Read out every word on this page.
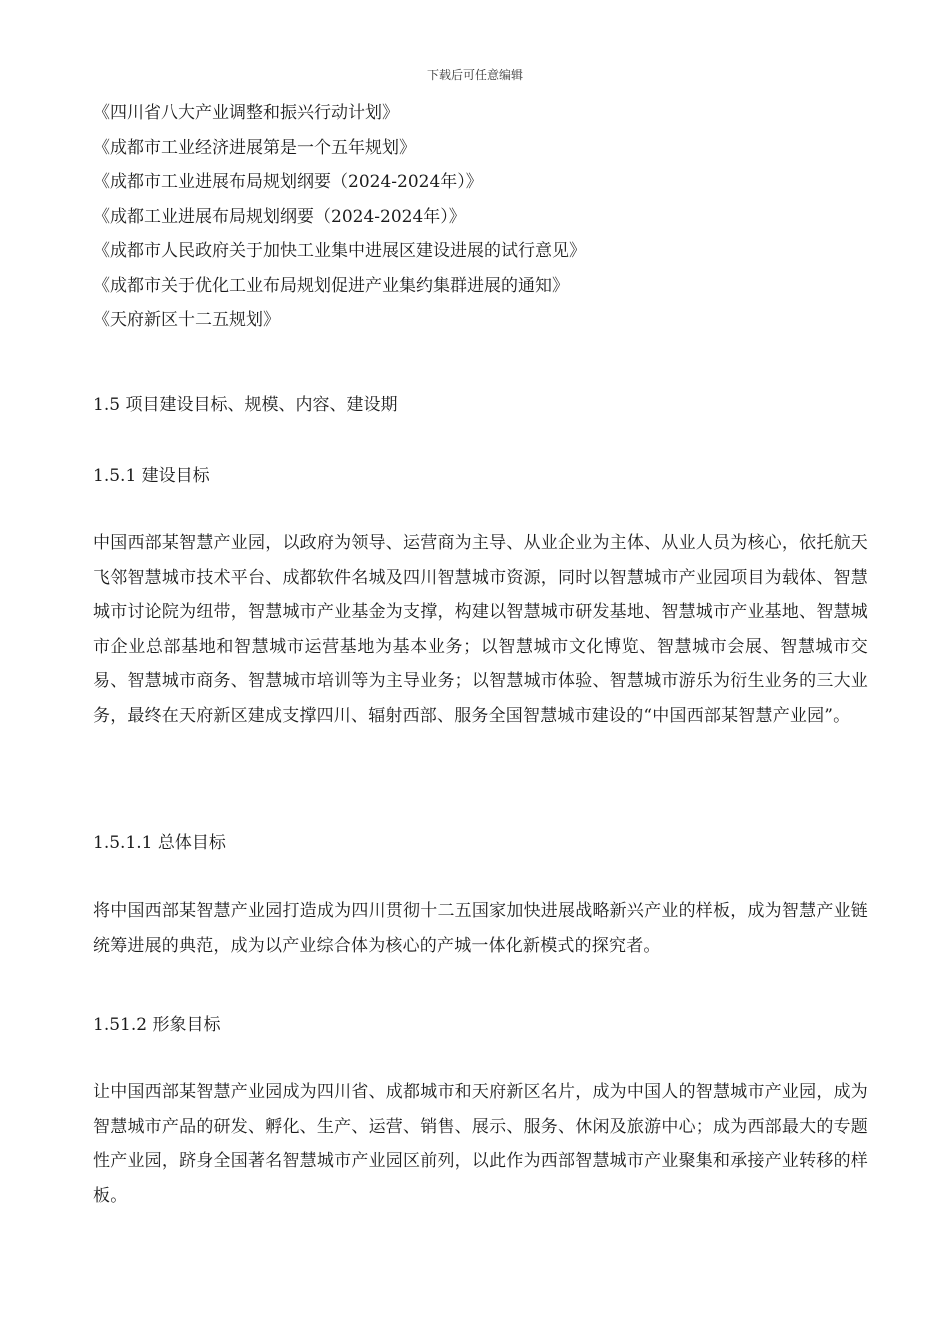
下载后可任意编辑
《四川省八大产业调整和振兴行动计划》
《成都市工业经济进展第是一个五年规划》
《成都市工业进展布局规划纲要（2024-2024年）》
《成都工业进展布局规划纲要（2024-2024年）》
《成都市人民政府关于加快工业集中进展区建设进展的试行意见》
《成都市关于优化工业布局规划促进产业集约集群进展的通知》
《天府新区十二五规划》
1.5 项目建设目标、规模、内容、建设期
1.5.1 建设目标
中国西部某智慧产业园，以政府为领导、运营商为主导、从业企业为主体、从业人员为核心，依托航天飞邻智慧城市技术平台、成都软件名城及四川智慧城市资源，同时以智慧城市产业园项目为载体、智慧城市讨论院为纽带，智慧城市产业基金为支撑，构建以智慧城市研发基地、智慧城市产业基地、智慧城市企业总部基地和智慧城市运营基地为基本业务；以智慧城市文化博览、智慧城市会展、智慧城市交易、智慧城市商务、智慧城市培训等为主导业务；以智慧城市体验、智慧城市游乐为衍生业务的三大业务，最终在天府新区建成支撑四川、辐射西部、服务全国智慧城市建设的“中国西部某智慧产业园”。
1.5.1.1 总体目标
将中国西部某智慧产业园打造成为四川贯彻十二五国家加快进展战略新兴产业的样板，成为智慧产业链统筹进展的典范，成为以产业综合体为核心的产城一体化新模式的探究者。
1.51.2 形象目标
让中国西部某智慧产业园成为四川省、成都城市和天府新区名片，成为中国人的智慧城市产业园，成为智慧城市产品的研发、孵化、生产、运营、销售、展示、服务、休闲及旅游中心；成为西部最大的专题性产业园，跻身全国著名智慧城市产业园区前列，以此作为西部智慧城市产业聚集和承接产业转移的样板。
